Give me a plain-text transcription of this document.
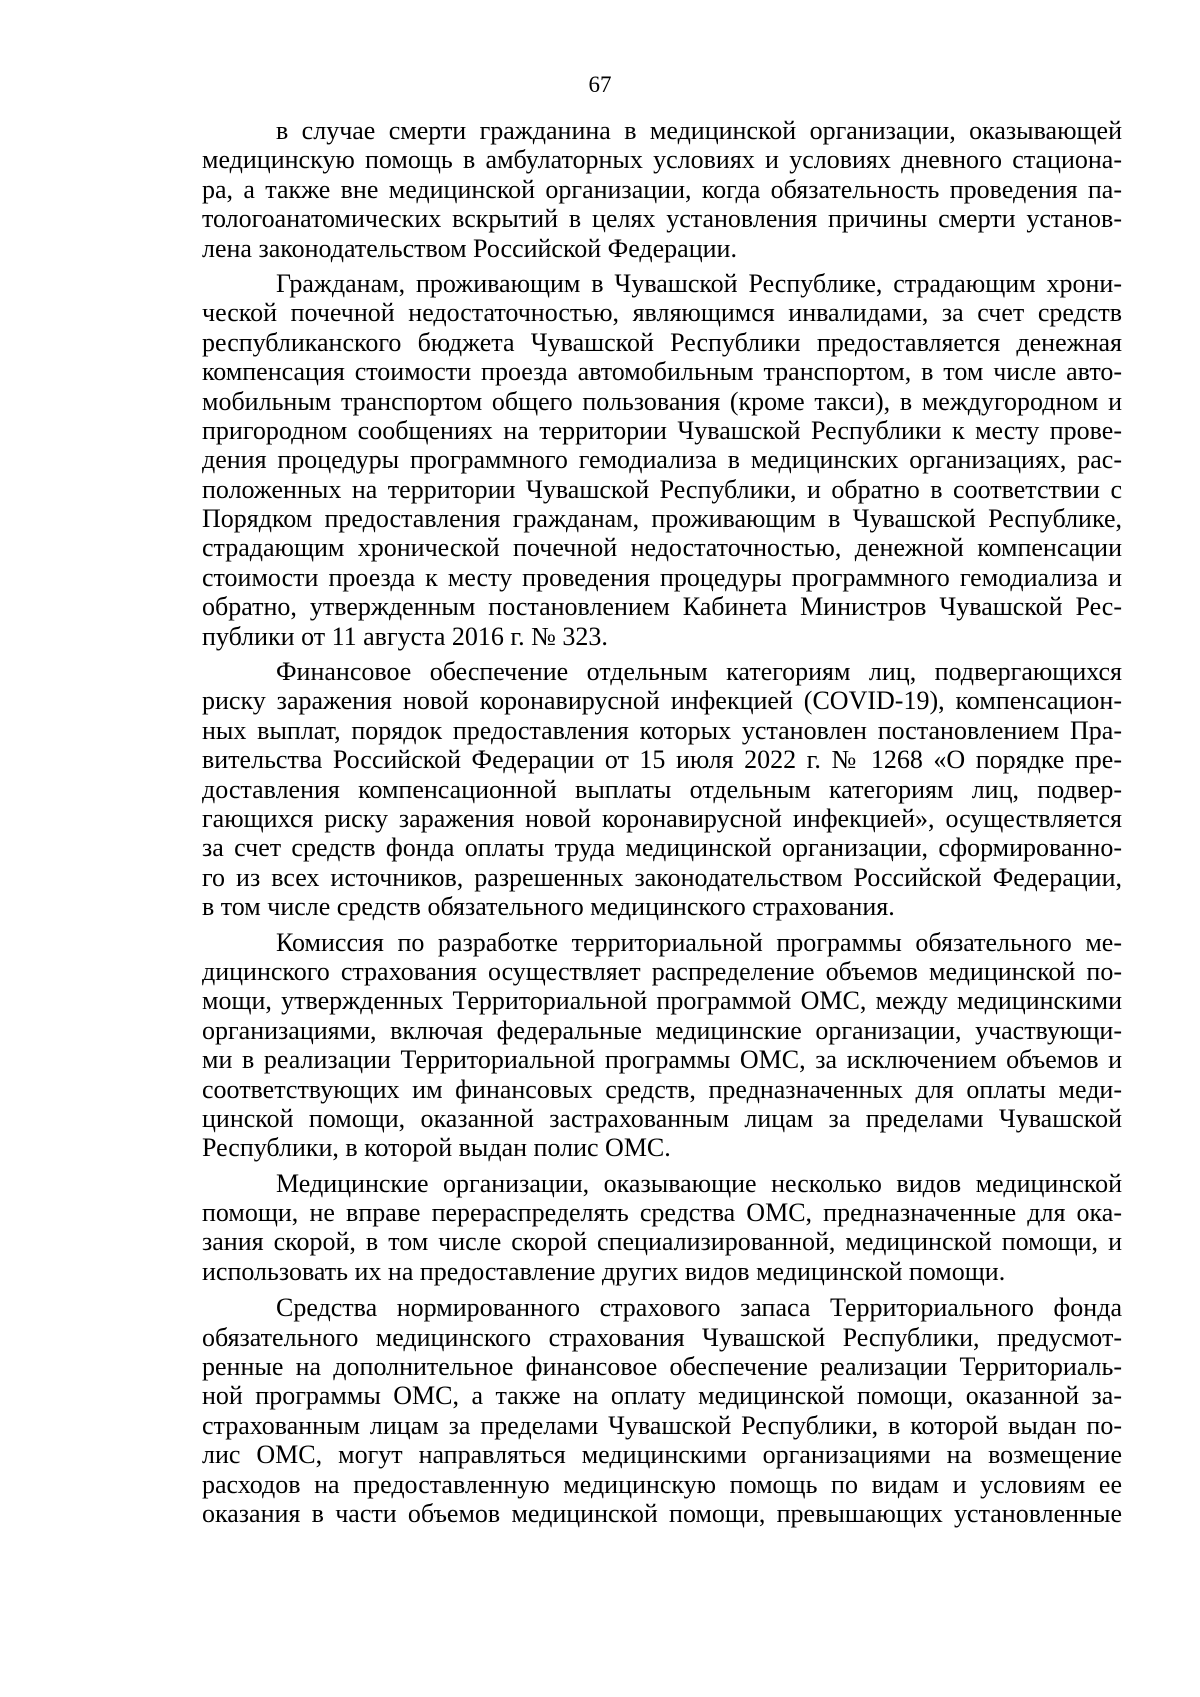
67
в случае смерти гражданина в медицинской организации, оказывающей
медицинскую помощь в амбулаторных условиях и условиях дневного стациона-
ра, а также вне медицинской организации, когда обязательность проведения па-
тологоанатомических вскрытий в целях установления причины смерти установ-
лена законодательством Российской Федерации.
Гражданам, проживающим в Чувашской Республике, страдающим хрони-
ческой почечной недостаточностью, являющимся инвалидами, за счет средств
республиканского бюджета Чувашской Республики предоставляется денежная
компенсация стоимости проезда автомобильным транспортом, в том числе авто-
мобильным транспортом общего пользования (кроме такси), в междугородном и
пригородном сообщениях на территории Чувашской Республики к месту прове-
дения процедуры программного гемодиализа в медицинских организациях, рас-
положенных на территории Чувашской Республики, и обратно в соответствии с
Порядком предоставления гражданам, проживающим в Чувашской Республике,
страдающим хронической почечной недостаточностью, денежной компенсации
стоимости проезда к месту проведения процедуры программного гемодиализа и
обратно, утвержденным постановлением Кабинета Министров Чувашской Рес-
публики от 11 августа 2016 г. № 323.
Финансовое обеспечение отдельным категориям лиц, подвергающихся
риску заражения новой коронавирусной инфекцией (COVID-19), компенсацион-
ных выплат, порядок предоставления которых установлен постановлением Пра-
вительства Российской Федерации от 15 июля 2022 г. № 1268 «О порядке пре-
доставления компенсационной выплаты отдельным категориям лиц, подвер-
гающихся риску заражения новой коронавирусной инфекцией», осуществляется
за счет средств фонда оплаты труда медицинской организации, сформированно-
го из всех источников, разрешенных законодательством Российской Федерации,
в том числе средств обязательного медицинского страхования.
Комиссия по разработке территориальной программы обязательного ме-
дицинского страхования осуществляет распределение объемов медицинской по-
мощи, утвержденных Территориальной программой ОМС, между медицинскими
организациями, включая федеральные медицинские организации, участвующи-
ми в реализации Территориальной программы ОМС, за исключением объемов и
соответствующих им финансовых средств, предназначенных для оплаты меди-
цинской помощи, оказанной застрахованным лицам за пределами Чувашской
Республики, в которой выдан полис ОМС.
Медицинские организации, оказывающие несколько видов медицинской
помощи, не вправе перераспределять средства ОМС, предназначенные для ока-
зания скорой, в том числе скорой специализированной, медицинской помощи, и
использовать их на предоставление других видов медицинской помощи.
Средства нормированного страхового запаса Территориального фонда
обязательного медицинского страхования Чувашской Республики, предусмот-
ренные на дополнительное финансовое обеспечение реализации Территориаль-
ной программы ОМС, а также на оплату медицинской помощи, оказанной за-
страхованным лицам за пределами Чувашской Республики, в которой выдан по-
лис ОМС, могут направляться медицинскими организациями на возмещение
расходов на предоставленную медицинскую помощь по видам и условиям ее
оказания в части объемов медицинской помощи, превышающих установленные
